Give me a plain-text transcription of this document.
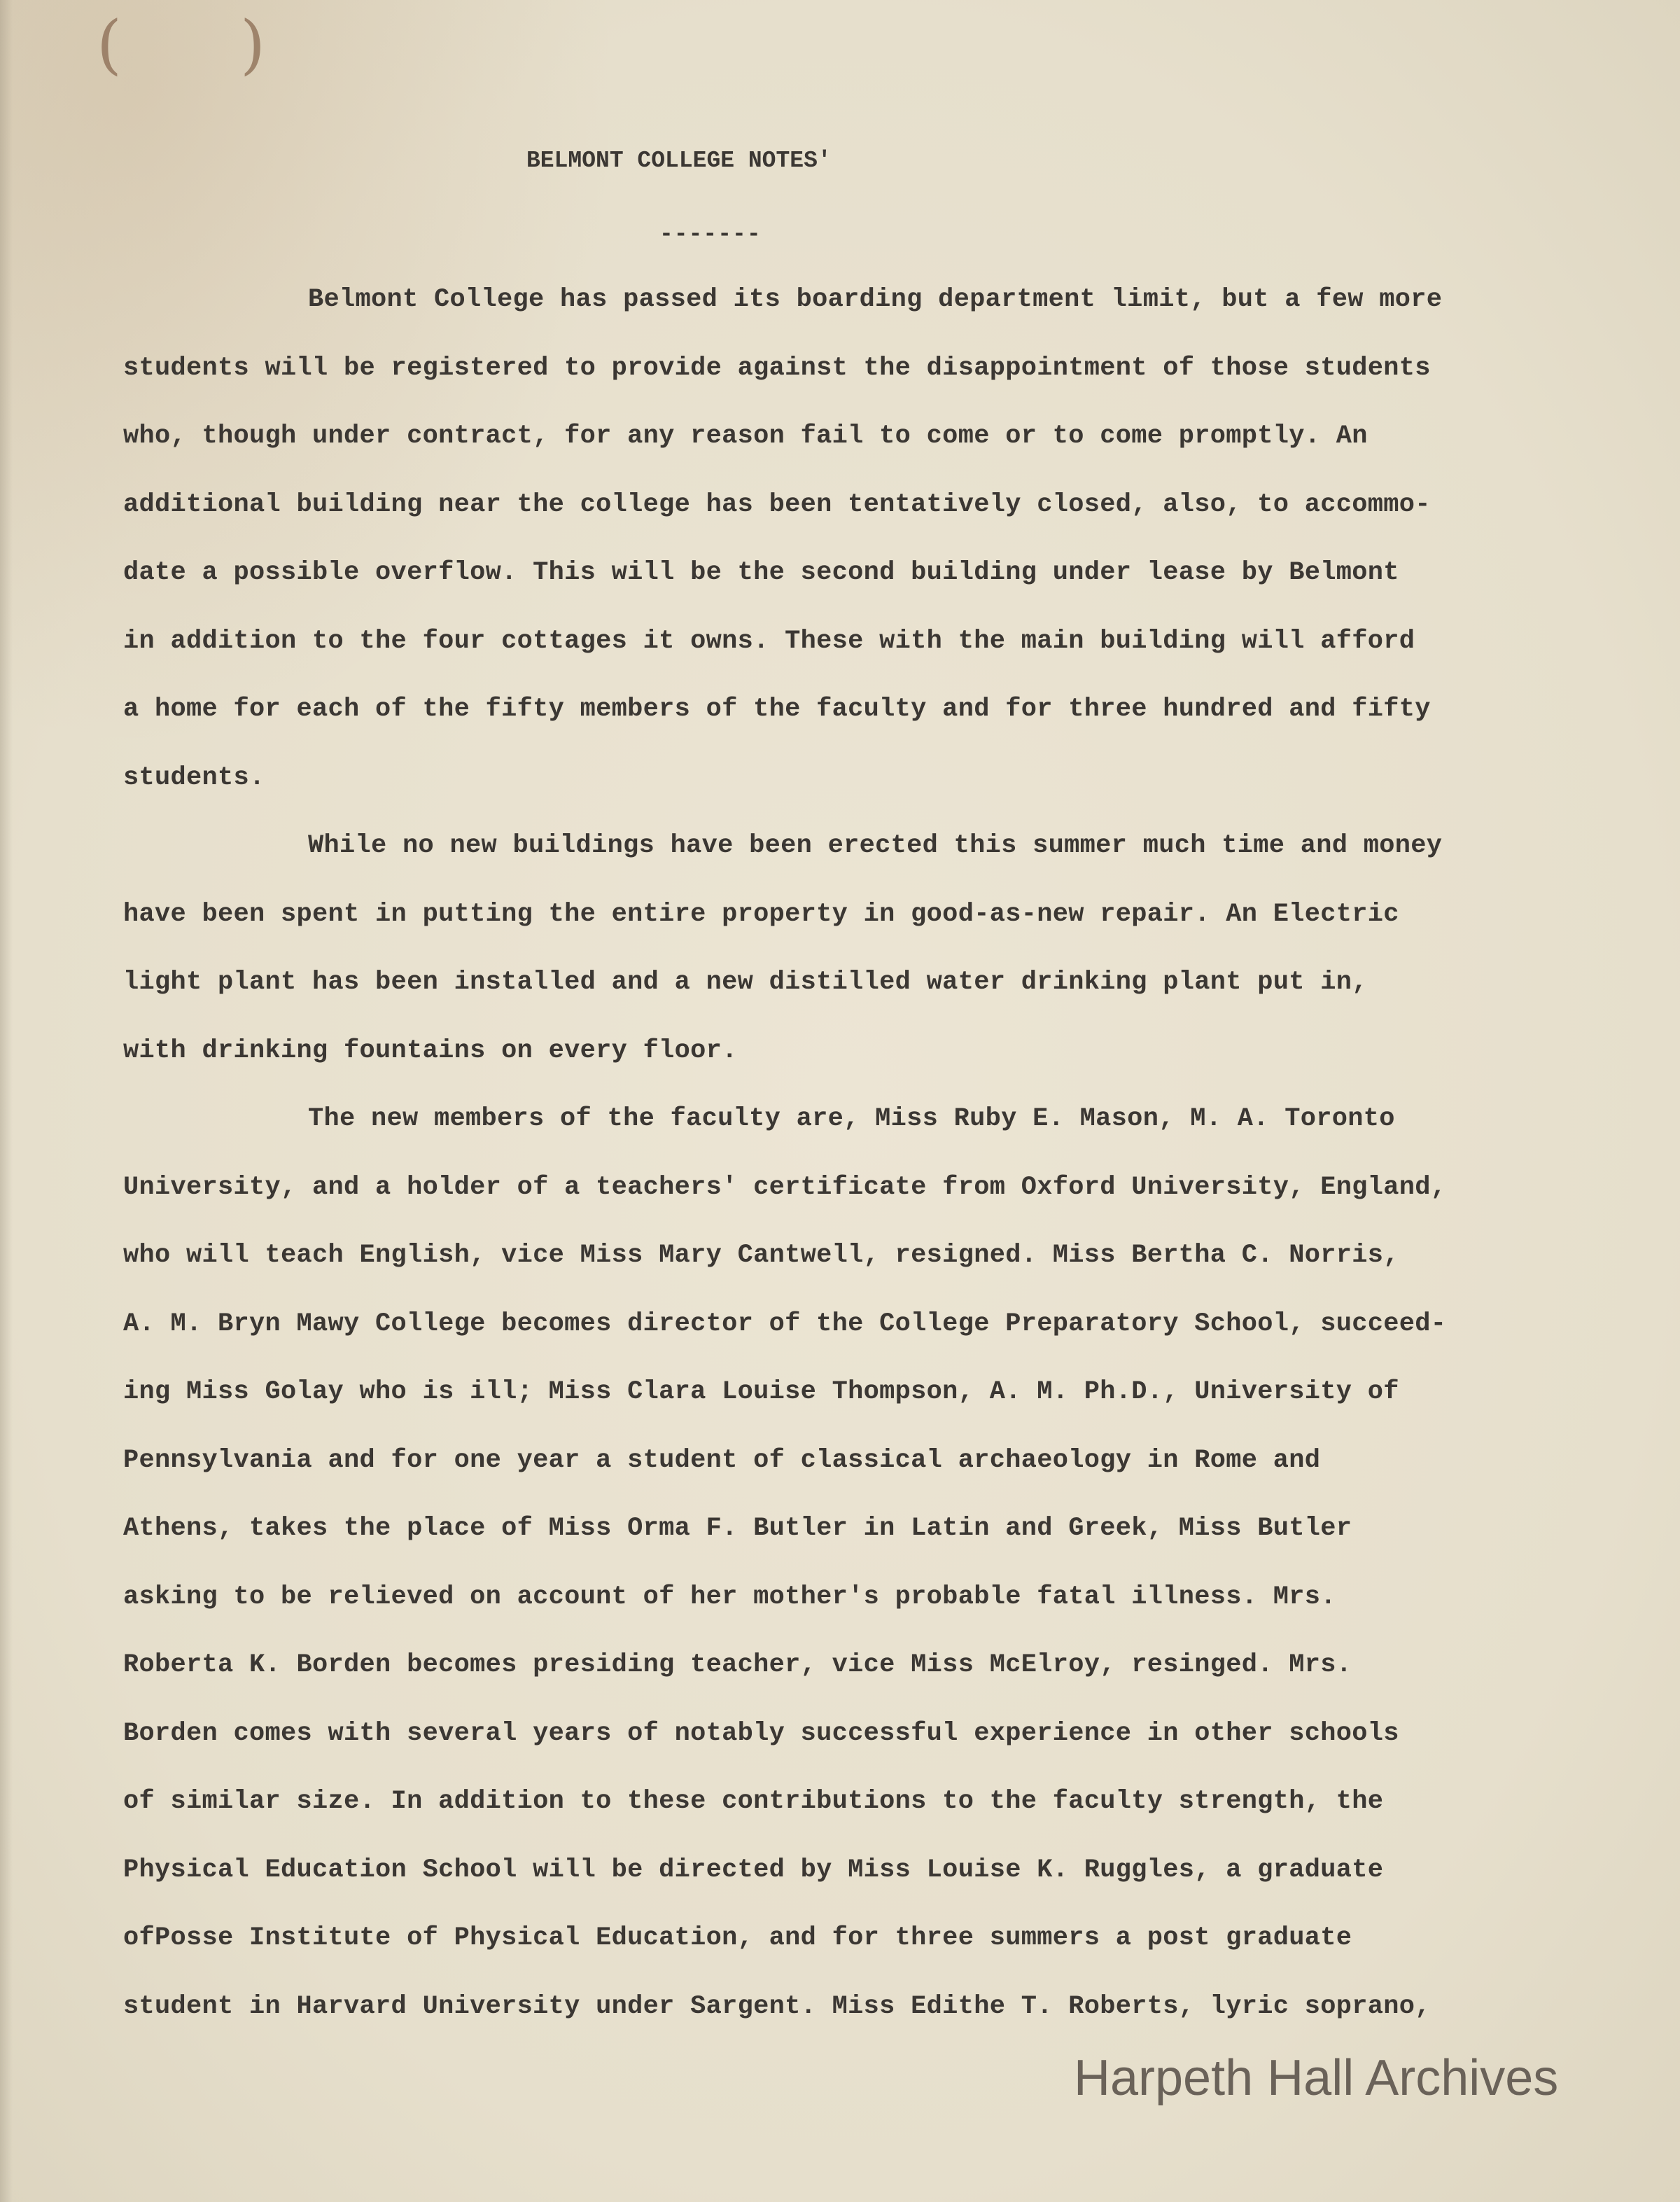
( )
BELMONT COLLEGE NOTES'
-------
Belmont College has passed its boarding department limit, but a few more
students will be registered to provide against the disappointment of those students
who, though under contract, for any reason fail to come or to come promptly. An
additional building near the college has been tentatively closed, also, to accommo-
date a possible overflow. This will be the second building under lease by Belmont
in addition to the four cottages it owns. These with the main building will afford
a home for each of the fifty members of the faculty and for three hundred and fifty
students.
While no new buildings have been erected this summer much time and money
have been spent in putting the entire property in good-as-new repair. An Electric
light plant has been installed and a new distilled water drinking plant put in,
with drinking fountains on every floor.
The new members of the faculty are, Miss Ruby E. Mason, M. A. Toronto
University, and a holder of a teachers' certificate from Oxford University, England,
who will teach English, vice Miss Mary Cantwell, resigned. Miss Bertha C. Norris,
A. M. Bryn Mawy College becomes director of the College Preparatory School, succeed-
ing Miss Golay who is ill; Miss Clara Louise Thompson, A. M. Ph.D., University of
Pennsylvania and for one year a student of classical archaeology in Rome and
Athens, takes the place of Miss Orma F. Butler in Latin and Greek, Miss Butler
asking to be relieved on account of her mother's probable fatal illness. Mrs.
Roberta K. Borden becomes presiding teacher, vice Miss McElroy, resinged. Mrs.
Borden comes with several years of notably successful experience in other schools
of similar size. In addition to these contributions to the faculty strength, the
Physical Education School will be directed by Miss Louise K. Ruggles, a graduate
ofPosse Institute of Physical Education, and for three summers a post graduate
student in Harvard University under Sargent. Miss Edithe T. Roberts, lyric soprano,
Harpeth Hall Archives
